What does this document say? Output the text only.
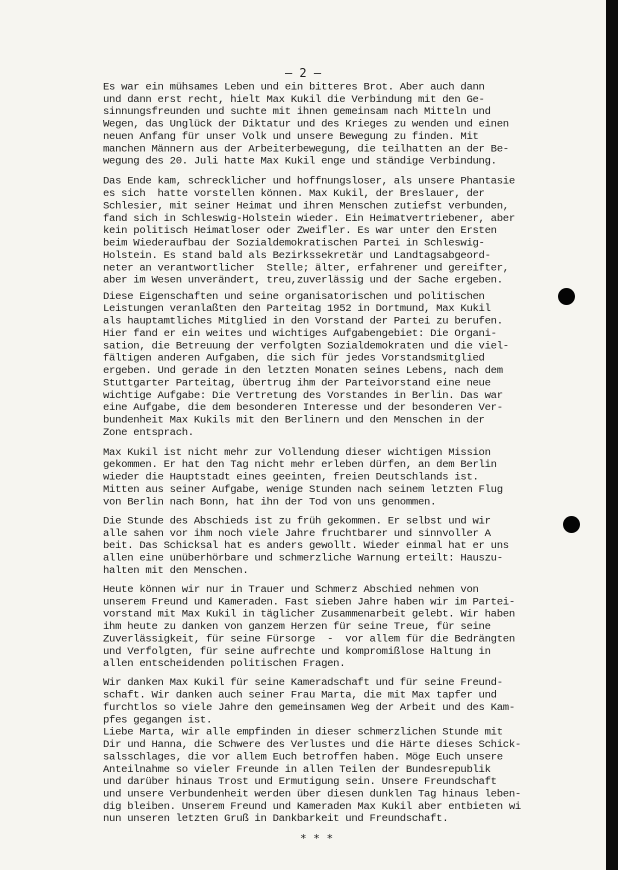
– 2 –
Es war ein mühsames Leben und ein bitteres Brot. Aber auch dann
und dann erst recht, hielt Max Kukil die Verbindung mit den Ge-
sinnungsfreunden und suchte mit ihnen gemeinsam nach Mitteln und
Wegen, das Unglück der Diktatur und des Krieges zu wenden und einen
neuen Anfang für unser Volk und unsere Bewegung zu finden. Mit
manchen Männern aus der Arbeiterbewegung, die teilhatten an der Be-
wegung des 20. Juli hatte Max Kukil enge und ständige Verbindung.
Das Ende kam, schrecklicher und hoffnungsloser, als unsere Phantasie
es sich  hatte vorstellen können. Max Kukil, der Breslauer, der
Schlesier, mit seiner Heimat und ihren Menschen zutiefst verbunden,
fand sich in Schleswig-Holstein wieder. Ein Heimatvertriebener, aber
kein politisch Heimatloser oder Zweifler. Es war unter den Ersten
beim Wiederaufbau der Sozialdemokratischen Partei in Schleswig-
Holstein. Es stand bald als Bezirkssekretär und Landtagsabgeord-
neter an verantwortlicher  Stelle; älter, erfahrener und gereifter,
aber im Wesen unverändert, treu,zuverlässig und der Sache ergeben.
Diese Eigenschaften und seine organisatorischen und politischen
Leistungen veranlaßten den Parteitag 1952 in Dortmund, Max Kukil
als hauptamtliches Mitglied in den Vorstand der Partei zu berufen.
Hier fand er ein weites und wichtiges Aufgabengebiet: Die Organi-
sation, die Betreuung der verfolgten Sozialdemokraten und die viel-
fältigen anderen Aufgaben, die sich für jedes Vorstandsmitglied
ergeben. Und gerade in den letzten Monaten seines Lebens, nach dem
Stuttgarter Parteitag, übertrug ihm der Parteivorstand eine neue
wichtige Aufgabe: Die Vertretung des Vorstandes in Berlin. Das war
eine Aufgabe, die dem besonderen Interesse und der besonderen Ver-
bundenheit Max Kukils mit den Berlinern und den Menschen in der
Zone entsprach.
Max Kukil ist nicht mehr zur Vollendung dieser wichtigen Mission
gekommen. Er hat den Tag nicht mehr erleben dürfen, an dem Berlin
wieder die Hauptstadt eines geeinten, freien Deutschlands ist.
Mitten aus seiner Aufgabe, wenige Stunden nach seinem letzten Flug
von Berlin nach Bonn, hat ihn der Tod von uns genommen.
Die Stunde des Abschieds ist zu früh gekommen. Er selbst und wir
alle sahen vor ihm noch viele Jahre fruchtbarer und sinnvoller A
beit. Das Schicksal hat es anders gewollt. Wieder einmal hat er uns
allen eine unüberhörbare und schmerzliche Warnung erteilt: Hauszu-
halten mit den Menschen.
Heute können wir nur in Trauer und Schmerz Abschied nehmen von
unserem Freund und Kameraden. Fast sieben Jahre haben wir im Partei-
vorstand mit Max Kukil in täglicher Zusammenarbeit gelebt. Wir haben
ihm heute zu danken von ganzem Herzen für seine Treue, für seine
Zuverlässigkeit, für seine Fürsorge  -  vor allem für die Bedrängten
und Verfolgten, für seine aufrechte und kompromißlose Haltung in
allen entscheidenden politischen Fragen.
Wir danken Max Kukil für seine Kameradschaft und für seine Freund-
schaft. Wir danken auch seiner Frau Marta, die mit Max tapfer und
furchtlos so viele Jahre den gemeinsamen Weg der Arbeit und des Kam-
pfes gegangen ist.
Liebe Marta, wir alle empfinden in dieser schmerzlichen Stunde mit
Dir und Hanna, die Schwere des Verlustes und die Härte dieses Schick-
salsschlages, die vor allem Euch betroffen haben. Möge Euch unsere
Anteilnahme so vieler Freunde in allen Teilen der Bundesrepublik
und darüber hinaus Trost und Ermutigung sein. Unsere Freundschaft
und unsere Verbundenheit werden über diesen dunklen Tag hinaus leben-
dig bleiben. Unserem Freund und Kameraden Max Kukil aber entbieten wi
nun unseren letzten Gruß in Dankbarkeit und Freundschaft.
* * *
